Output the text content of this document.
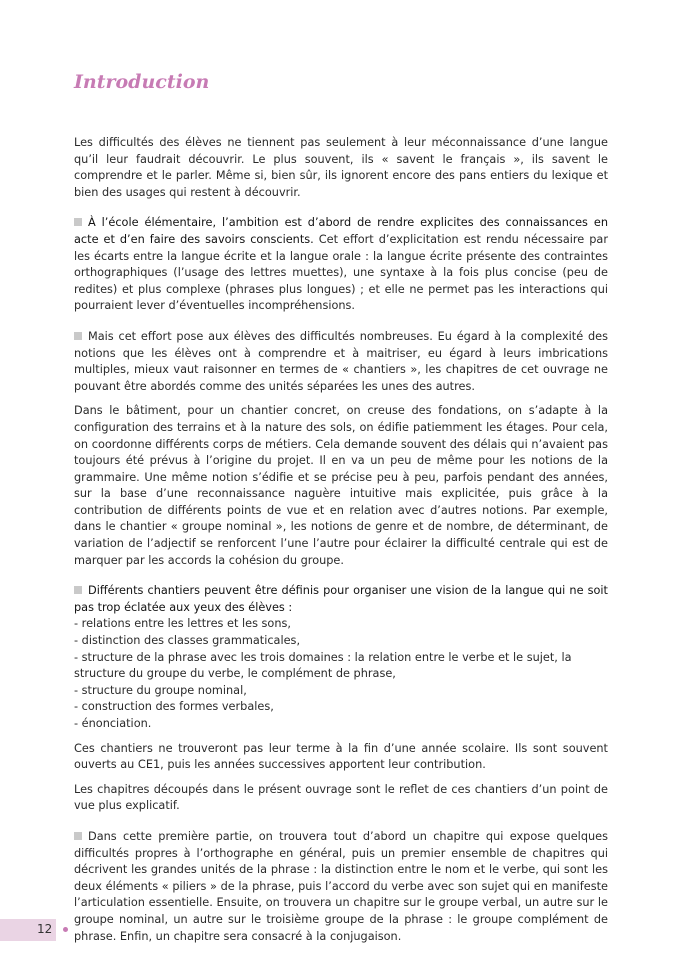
Introduction

Les difficultés des élèves ne tiennent pas seulement à leur méconnaissance d’une langue qu’il leur faudrait découvrir. Le plus souvent, ils « savent le français », ils savent le comprendre et le parler. Même si, bien sûr, ils ignorent encore des pans entiers du lexique et bien des usages qui restent à découvrir.

À l’école élémentaire, l’ambition est d’abord de rendre explicites des connaissances en acte et d’en faire des savoirs conscients. Cet effort d’explicitation est rendu nécessaire par les écarts entre la langue écrite et la langue orale : la langue écrite présente des contraintes orthographiques (l’usage des lettres muettes), une syntaxe à la fois plus concise (peu de redites) et plus complexe (phrases plus longues) ; et elle ne permet pas les interactions qui pourraient lever d’éventuelles incompréhensions.

Mais cet effort pose aux élèves des difficultés nombreuses. Eu égard à la complexité des notions que les élèves ont à comprendre et à maitriser, eu égard à leurs imbrications multiples, mieux vaut raisonner en termes de « chantiers », les chapitres de cet ouvrage ne pouvant être abordés comme des unités séparées les unes des autres.

Dans le bâtiment, pour un chantier concret, on creuse des fondations, on s’adapte à la configuration des terrains et à la nature des sols, on édifie patiemment les étages. Pour cela, on coordonne différents corps de métiers. Cela demande souvent des délais qui n’avaient pas toujours été prévus à l’origine du projet. Il en va un peu de même pour les notions de la grammaire. Une même notion s’édifie et se précise peu à peu, parfois pendant des années, sur la base d’une reconnaissance naguère intuitive mais explicitée, puis grâce à la contribution de différents points de vue et en relation avec d’autres notions. Par exemple, dans le chantier « groupe nominal », les notions de genre et de nombre, de déterminant, de variation de l’adjectif se renforcent l’une l’autre pour éclairer la difficulté centrale qui est de marquer par les accords la cohésion du groupe.

Différents chantiers peuvent être définis pour organiser une vision de la langue qui ne soit pas trop éclatée aux yeux des élèves :

- relations entre les lettres et les sons,
- distinction des classes grammaticales,
- structure de la phrase avec les trois domaines : la relation entre le verbe et le sujet, la structure du groupe du verbe, le complément de phrase,
- structure du groupe nominal,
- construction des formes verbales,
- énonciation.

Ces chantiers ne trouveront pas leur terme à la fin d’une année scolaire. Ils sont souvent ouverts au CE1, puis les années successives apportent leur contribution.

Les chapitres découpés dans le présent ouvrage sont le reflet de ces chantiers d’un point de vue plus explicatif.

Dans cette première partie, on trouvera tout d’abord un chapitre qui expose quelques difficultés propres à l’orthographe en général, puis un premier ensemble de chapitres qui décrivent les grandes unités de la phrase : la distinction entre le nom et le verbe, qui sont les deux éléments « piliers » de la phrase, puis l’accord du verbe avec son sujet qui en manifeste l’articulation essentielle. Ensuite, on trouvera un chapitre sur le groupe verbal, un autre sur le groupe nominal, un autre sur le troisième groupe de la phrase : le groupe complément de phrase. Enfin, un chapitre sera consacré à la conjugaison.

12
